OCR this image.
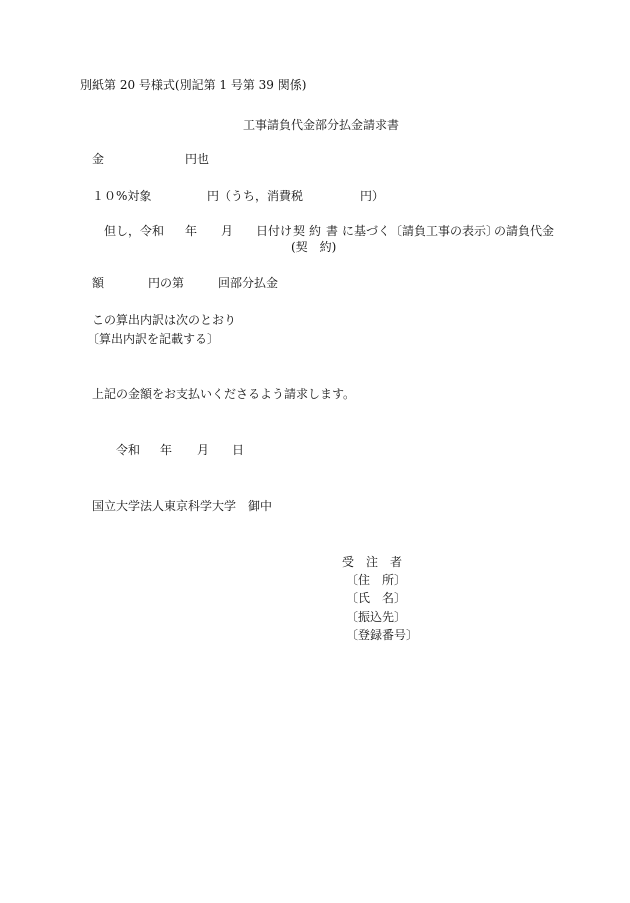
別紙第 20 号様式(別記第 1 号第 39 関係)
工事請負代金部分払金請求書
金	円也
１０%対象	円（うち，消費税	円）
但し，令和 年 月 日付け 契 約 書 に基づく 〔請負工事の表示〕
の請負代金
(契　約)
額	円の第	回部分払金
この算出内訳は次のとおり
〔算出内訳を記載する〕
上記の金額をお支払いくださるよう請求します。
令和 年 月 日
国立大学法人東京科学大学　御中
受　注　者
〔住　所〕
〔氏　名〕
〔振込先〕
〔登録番号〕
